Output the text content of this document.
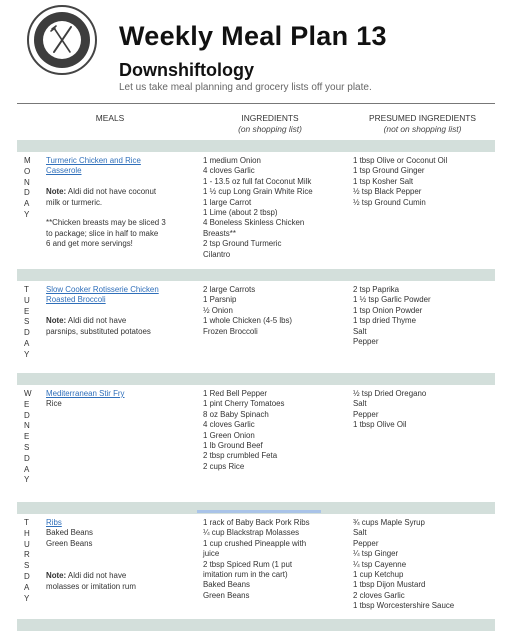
Weekly Meal Plan 13
Downshiftology
Let us take meal planning and grocery lists off your plate.
MEALS	INGREDIENTS
(on shopping list)
PRESUMED INGREDIENTS
(not on shopping list)
M
O
N
D
A
Y
Turmeric Chicken and Rice
Casserole

Note: Aldi did not have coconut
milk or turmeric.

**Chicken breasts may be sliced 3
to package; slice in half to make
6 and get more servings!
1 medium Onion
4 cloves Garlic
1 - 13.5 oz full fat Coconut Milk
1 ½ cup Long Grain White Rice
1 large Carrot
1 Lime (about 2 tbsp)
4 Boneless Skinless Chicken
Breasts**
2 tsp Ground Turmeric
Cilantro
1 tbsp Olive or Coconut Oil
1 tsp Ground Ginger
1 tsp Kosher Salt
½ tsp Black Pepper
½ tsp Ground Cumin
T
U
E
S
D
A
Y
Slow Cooker Rotisserie Chicken
Roasted Broccoli

Note: Aldi did not have
parsnips, substituted potatoes
2 large Carrots
1 Parsnip
½ Onion
1 whole Chicken (4-5 lbs)
Frozen Broccoli
2 tsp Paprika
1 ½ tsp Garlic Powder
1 tsp Onion Powder
1 tsp dried Thyme
Salt
Pepper
W
E
D
N
E
S
D
A
Y
Mediterranean Stir Fry
Rice
1 Red Bell Pepper
1 pint Cherry Tomatoes
8 oz Baby Spinach
4 cloves Garlic
1 Green Onion
1 lb Ground Beef
2 tbsp crumbled Feta
2 cups Rice
½ tsp Dried Oregano
Salt
Pepper
1 tbsp Olive Oil
T
H
U
R
S
D
A
Y
Ribs
Baked Beans
Green Beans

Note: Aldi did not have
molasses or imitation rum
1 rack of Baby Back Pork Ribs
¼ cup Blackstrap Molasses
1 cup crushed Pineapple with
juice
2 tbsp Spiced Rum (1 put
imitation rum in the cart)
Baked Beans
Green Beans
¾ cups Maple Syrup
Salt
Pepper
¼ tsp Ginger
¼ tsp Cayenne
1 cup Ketchup
1 tbsp Dijon Mustard
2 cloves Garlic
1 tbsp Worcestershire Sauce
